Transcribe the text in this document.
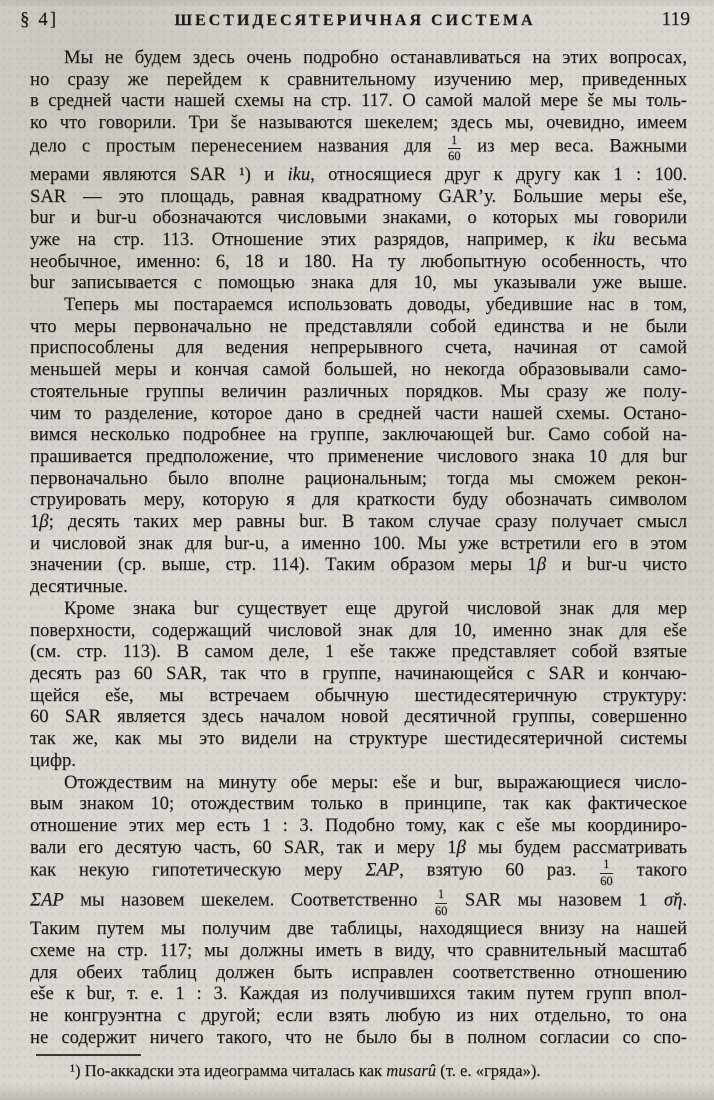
§ 4]	ШЕСТИДЕСЯТЕРИЧНАЯ СИСТЕМА	119
Мы не будем здесь очень подробно останавливаться на этих вопросах,
но сразу же перейдем к сравнительному изучению мер, приведенных
в средней части нашей схемы на стр. 117. О самой малой мере še мы толь-
ко что говорили. Три še называются шекелем; здесь мы, очевидно, имеем
дело с простым перенесением названия для $\frac{1}{60}$ из мер веса. Важными
мерами являются SAR ¹) и iku, относящиеся друг к другу как 1 : 100.
SAR — это площадь, равная квадратному GAR’у. Бо̀льшие меры eše,
bur и bur-u обозначаются числовыми знаками, о которых мы говорили
уже на стр. 113. Отношение этих разрядов, например, к iku весьма
необычное, именно: 6, 18 и 180. На ту любопытную особенность, что
bur записывается с помощью знака для 10, мы указывали уже выше.
Теперь мы постараемся использовать доводы, убедившие нас в том,
что меры первоначально не представляли собой единства и не были
приспособлены для ведения непрерывного счета, начиная от самой
меньшей меры и кончая самой большей, но некогда образовывали само-
стоятельные группы величин различных порядков. Мы сразу же полу-
чим то разделение, которое дано в средней части нашей схемы. Остано-
вимся несколько подробнее на группе, заключающей bur. Само собой на-
прашивается предположение, что применение числового знака 10 для bur
первоначально было вполне рациональным; тогда мы сможем рекон-
струировать меру, которую я для краткости буду обозначать символом
1β; десять таких мер равны bur. В таком случае сразу получает смысл
и числовой знак для bur-u, а именно 100. Мы уже встретили его в этом
значении (ср. выше, стр. 114). Таким образом меры 1β и bur-u чисто
десятичные.
Кроме знака bur существует еще другой числовой знак для мер
поверхности, содержащий числовой знак для 10, именно знак для eše
(см. стр. 113). В самом деле, 1 eše также представляет собой взятые
десять раз 60 SAR, так что в группе, начинающейся с SAR и кончаю-
щейся eše, мы встречаем обычную шестидесятеричную структуру:
60 SAR является здесь началом новой десятичной группы, совершенно
так же, как мы это видели на структуре шестидесятеричной системы
цифр.
Отождествим на минуту обе меры: eše и bur, выражающиеся число-
вым знаком 10; отождествим только в принципе, так как фактическое
отношение этих мер есть 1 : 3. Подобно тому, как с eše мы координиро-
вали его десятую часть, 60 SAR, так и меру 1β мы будем рассматривать
как некую гипотетическую меру ΣΑΡ, взятую 60 раз. $\frac{1}{60}$ такого
ΣΑΡ мы назовем шекелем. Соответственно $\frac{1}{60}$ SAR мы назовем 1 σ̌η.
Таким путем мы получим две таблицы, находящиеся внизу на нашей
схеме на стр. 117; мы должны иметь в виду, что сравнительный масштаб
для обеих таблиц должен быть исправлен соответственно отношению
eše к bur, т. е. 1 : 3. Каждая из получившихся таким путем групп впол-
не конгруэнтна с другой; если взять любую из них отдельно, то она
не содержит ничего такого, что не было бы в полном согласии со спо-
¹) По-аккадски эта идеограмма читалась как musarû (т. е. «гряда»).
